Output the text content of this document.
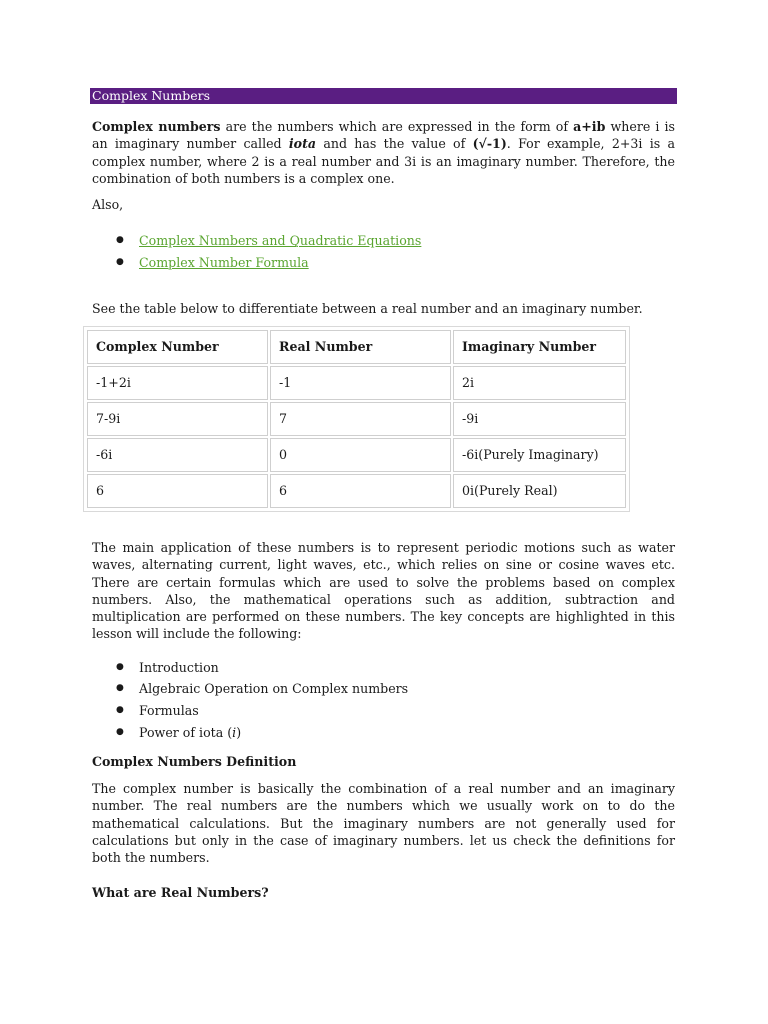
Complex Numbers

Complex numbers are the numbers which are expressed in the form of a+ib where i is an imaginary number called iota and has the value of (√-1). For example, 2+3i is a complex number, where 2 is a real number and 3i is an imaginary number. Therefore, the combination of both numbers is a complex one.

Also,

● Complex Numbers and Quadratic Equations
● Complex Number Formula

See the table below to differentiate between a real number and an imaginary number.

Complex Number	Real Number	Imaginary Number
-1+2i	-1	2i
7-9i	7	-9i
-6i	0	-6i(Purely Imaginary)
6	6	0i(Purely Real)

The main application of these numbers is to represent periodic motions such as water waves, alternating current, light waves, etc., which relies on sine or cosine waves etc. There are certain formulas which are used to solve the problems based on complex numbers. Also, the mathematical operations such as addition, subtraction and multiplication are performed on these numbers. The key concepts are highlighted in this lesson will include the following:

● Introduction
● Algebraic Operation on Complex numbers
● Formulas
● Power of iota (i)

Complex Numbers Definition

The complex number is basically the combination of a real number and an imaginary number. The real numbers are the numbers which we usually work on to do the mathematical calculations. But the imaginary numbers are not generally used for calculations but only in the case of imaginary numbers. let us check the definitions for both the numbers.

What are Real Numbers?
